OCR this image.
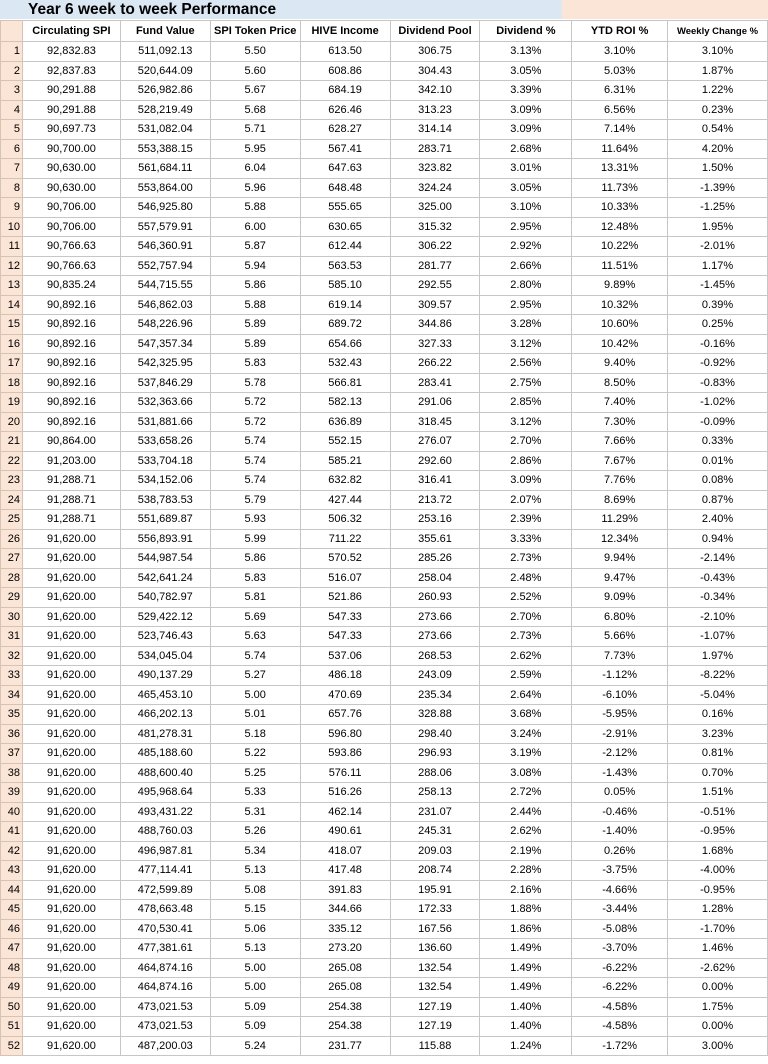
Year 6 week to week Performance
	Circulating SPI	Fund Value	SPI Token Price	HIVE Income	Dividend Pool	Dividend %	YTD ROI %	Weekly Change %
1	92,832.83	511,092.13	5.50	613.50	306.75	3.13%	3.10%	3.10%
2	92,837.83	520,644.09	5.60	608.86	304.43	3.05%	5.03%	1.87%
3	90,291.88	526,982.86	5.67	684.19	342.10	3.39%	6.31%	1.22%
4	90,291.88	528,219.49	5.68	626.46	313.23	3.09%	6.56%	0.23%
5	90,697.73	531,082.04	5.71	628.27	314.14	3.09%	7.14%	0.54%
6	90,700.00	553,388.15	5.95	567.41	283.71	2.68%	11.64%	4.20%
7	90,630.00	561,684.11	6.04	647.63	323.82	3.01%	13.31%	1.50%
8	90,630.00	553,864.00	5.96	648.48	324.24	3.05%	11.73%	-1.39%
9	90,706.00	546,925.80	5.88	555.65	325.00	3.10%	10.33%	-1.25%
10	90,706.00	557,579.91	6.00	630.65	315.32	2.95%	12.48%	1.95%
11	90,766.63	546,360.91	5.87	612.44	306.22	2.92%	10.22%	-2.01%
12	90,766.63	552,757.94	5.94	563.53	281.77	2.66%	11.51%	1.17%
13	90,835.24	544,715.55	5.86	585.10	292.55	2.80%	9.89%	-1.45%
14	90,892.16	546,862.03	5.88	619.14	309.57	2.95%	10.32%	0.39%
15	90,892.16	548,226.96	5.89	689.72	344.86	3.28%	10.60%	0.25%
16	90,892.16	547,357.34	5.89	654.66	327.33	3.12%	10.42%	-0.16%
17	90,892.16	542,325.95	5.83	532.43	266.22	2.56%	9.40%	-0.92%
18	90,892.16	537,846.29	5.78	566.81	283.41	2.75%	8.50%	-0.83%
19	90,892.16	532,363.66	5.72	582.13	291.06	2.85%	7.40%	-1.02%
20	90,892.16	531,881.66	5.72	636.89	318.45	3.12%	7.30%	-0.09%
21	90,864.00	533,658.26	5.74	552.15	276.07	2.70%	7.66%	0.33%
22	91,203.00	533,704.18	5.74	585.21	292.60	2.86%	7.67%	0.01%
23	91,288.71	534,152.06	5.74	632.82	316.41	3.09%	7.76%	0.08%
24	91,288.71	538,783.53	5.79	427.44	213.72	2.07%	8.69%	0.87%
25	91,288.71	551,689.87	5.93	506.32	253.16	2.39%	11.29%	2.40%
26	91,620.00	556,893.91	5.99	711.22	355.61	3.33%	12.34%	0.94%
27	91,620.00	544,987.54	5.86	570.52	285.26	2.73%	9.94%	-2.14%
28	91,620.00	542,641.24	5.83	516.07	258.04	2.48%	9.47%	-0.43%
29	91,620.00	540,782.97	5.81	521.86	260.93	2.52%	9.09%	-0.34%
30	91,620.00	529,422.12	5.69	547.33	273.66	2.70%	6.80%	-2.10%
31	91,620.00	523,746.43	5.63	547.33	273.66	2.73%	5.66%	-1.07%
32	91,620.00	534,045.04	5.74	537.06	268.53	2.62%	7.73%	1.97%
33	91,620.00	490,137.29	5.27	486.18	243.09	2.59%	-1.12%	-8.22%
34	91,620.00	465,453.10	5.00	470.69	235.34	2.64%	-6.10%	-5.04%
35	91,620.00	466,202.13	5.01	657.76	328.88	3.68%	-5.95%	0.16%
36	91,620.00	481,278.31	5.18	596.80	298.40	3.24%	-2.91%	3.23%
37	91,620.00	485,188.60	5.22	593.86	296.93	3.19%	-2.12%	0.81%
38	91,620.00	488,600.40	5.25	576.11	288.06	3.08%	-1.43%	0.70%
39	91,620.00	495,968.64	5.33	516.26	258.13	2.72%	0.05%	1.51%
40	91,620.00	493,431.22	5.31	462.14	231.07	2.44%	-0.46%	-0.51%
41	91,620.00	488,760.03	5.26	490.61	245.31	2.62%	-1.40%	-0.95%
42	91,620.00	496,987.81	5.34	418.07	209.03	2.19%	0.26%	1.68%
43	91,620.00	477,114.41	5.13	417.48	208.74	2.28%	-3.75%	-4.00%
44	91,620.00	472,599.89	5.08	391.83	195.91	2.16%	-4.66%	-0.95%
45	91,620.00	478,663.48	5.15	344.66	172.33	1.88%	-3.44%	1.28%
46	91,620.00	470,530.41	5.06	335.12	167.56	1.86%	-5.08%	-1.70%
47	91,620.00	477,381.61	5.13	273.20	136.60	1.49%	-3.70%	1.46%
48	91,620.00	464,874.16	5.00	265.08	132.54	1.49%	-6.22%	-2.62%
49	91,620.00	464,874.16	5.00	265.08	132.54	1.49%	-6.22%	0.00%
50	91,620.00	473,021.53	5.09	254.38	127.19	1.40%	-4.58%	1.75%
51	91,620.00	473,021.53	5.09	254.38	127.19	1.40%	-4.58%	0.00%
52	91,620.00	487,200.03	5.24	231.77	115.88	1.24%	-1.72%	3.00%
